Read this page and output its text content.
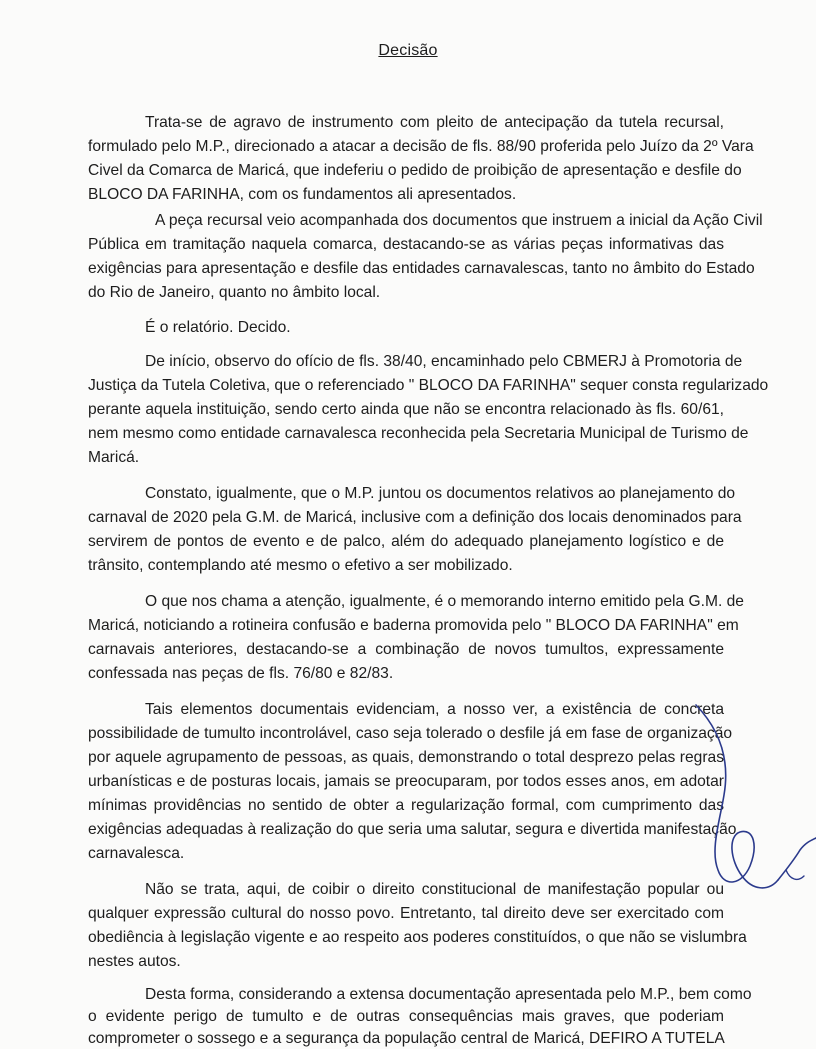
Decisão
Trata-se de agravo de instrumento com pleito de antecipação da tutela recursal,
formulado pelo M.P., direcionado a atacar a decisão de fls. 88/90 proferida pelo Juízo da 2º Vara
Civel da Comarca de Maricá, que indeferiu o pedido de proibição de apresentação e desfile do
BLOCO DA FARINHA, com os fundamentos ali apresentados.
A peça recursal veio acompanhada dos documentos que instruem a inicial da Ação Civil
Pública em tramitação naquela comarca, destacando-se as várias peças informativas das
exigências para apresentação e desfile das entidades carnavalescas, tanto no âmbito do Estado
do Rio de Janeiro, quanto no âmbito local.
É o relatório. Decido.
De início, observo do ofício de fls. 38/40, encaminhado pelo CBMERJ à Promotoria de
Justiça da Tutela Coletiva, que o referenciado " BLOCO DA FARINHA" sequer consta regularizado
perante aquela instituição, sendo certo ainda que não se encontra relacionado às fls. 60/61,
nem mesmo como entidade carnavalesca reconhecida pela Secretaria Municipal de Turismo de
Maricá.
Constato, igualmente, que o M.P. juntou os documentos relativos ao planejamento do
carnaval de 2020 pela G.M. de Maricá, inclusive com a definição dos locais denominados para
servirem de pontos de evento e de palco, além do adequado planejamento logístico e de
trânsito, contemplando até mesmo o efetivo a ser mobilizado.
O que nos chama a atenção, igualmente, é o memorando interno emitido pela G.M. de
Maricá, noticiando a rotineira confusão e baderna promovida pelo " BLOCO DA FARINHA" em
carnavais anteriores, destacando-se a combinação de novos tumultos, expressamente
confessada nas peças de fls. 76/80 e 82/83.
Tais elementos documentais evidenciam, a nosso ver, a existência de concreta
possibilidade de tumulto incontrolável, caso seja tolerado o desfile já em fase de organização
por aquele agrupamento de pessoas, as quais, demonstrando o total desprezo pelas regras
urbanísticas e de posturas locais, jamais se preocuparam, por todos esses anos, em adotar
mínimas providências no sentido de obter a regularização formal, com cumprimento das
exigências adequadas à realização do que seria uma salutar, segura e divertida manifestação
carnavalesca.
Não se trata, aqui, de coibir o direito constitucional de manifestação popular ou
qualquer expressão cultural do nosso povo. Entretanto, tal direito deve ser exercitado com
obediência à legislação vigente e ao respeito aos poderes constituídos, o que não se vislumbra
nestes autos.
Desta forma, considerando a extensa documentação apresentada pelo M.P., bem como
o evidente perigo de tumulto e de outras consequências mais graves, que poderiam
comprometer o sossego e a segurança da população central de Maricá, DEFIRO A TUTELA
